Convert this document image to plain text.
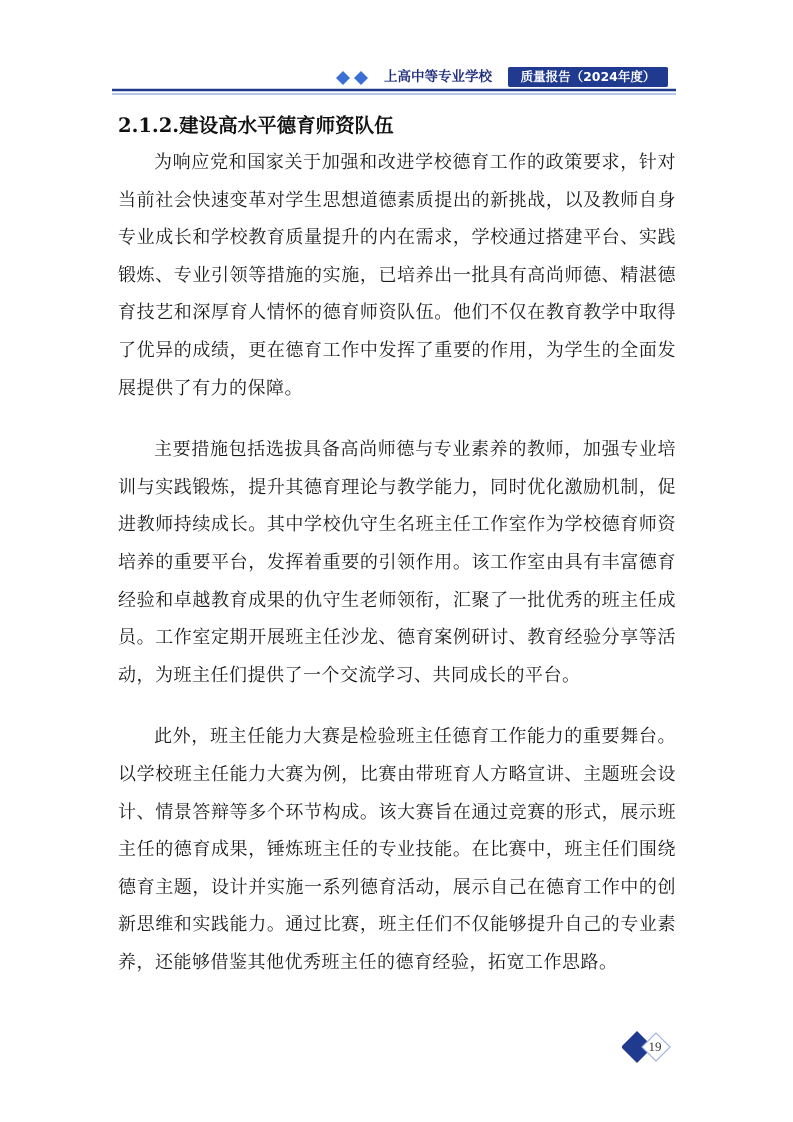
上高中等专业学校	质量报告（2024年度）
2.1.2.建设高水平德育师资队伍

为响应党和国家关于加强和改进学校德育工作的政策要求，针对当前社会快速变革对学生思想道德素质提出的新挑战，以及教师自身专业成长和学校教育质量提升的内在需求，学校通过搭建平台、实践锻炼、专业引领等措施的实施，已培养出一批具有高尚师德、精湛德育技艺和深厚育人情怀的德育师资队伍。他们不仅在教育教学中取得了优异的成绩，更在德育工作中发挥了重要的作用，为学生的全面发展提供了有力的保障。

主要措施包括选拔具备高尚师德与专业素养的教师，加强专业培训与实践锻炼，提升其德育理论与教学能力，同时优化激励机制，促进教师持续成长。其中学校仇守生名班主任工作室作为学校德育师资培养的重要平台，发挥着重要的引领作用。该工作室由具有丰富德育经验和卓越教育成果的仇守生老师领衔，汇聚了一批优秀的班主任成员。工作室定期开展班主任沙龙、德育案例研讨、教育经验分享等活动，为班主任们提供了一个交流学习、共同成长的平台。

此外，班主任能力大赛是检验班主任德育工作能力的重要舞台。以学校班主任能力大赛为例，比赛由带班育人方略宣讲、主题班会设计、情景答辩等多个环节构成。该大赛旨在通过竞赛的形式，展示班主任的德育成果，锤炼班主任的专业技能。在比赛中，班主任们围绕德育主题，设计并实施一系列德育活动，展示自己在德育工作中的创新思维和实践能力。通过比赛，班主任们不仅能够提升自己的专业素养，还能够借鉴其他优秀班主任的德育经验，拓宽工作思路。

19
